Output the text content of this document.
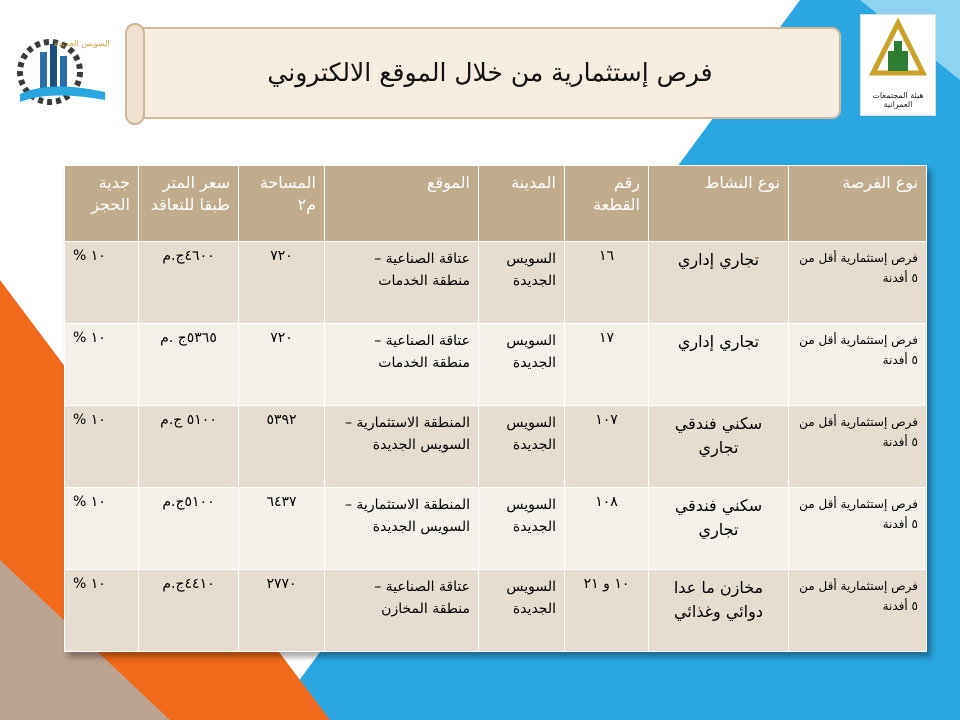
فرص إستثمارية من خلال الموقع الالكتروني
السويس الجديدة
هيئة المجتمعات العمرانية
نوع الفرصة	نوع النشاط	رقم القطعة	المدينة	الموقع	المساحة م٢	سعر المتر طبقا للتعاقد	جدية الحجز
فرص إستثمارية أقل من ٥ أفدنة	تجاري إداري	١٦	السويس الجديدة	عتاقة الصناعية – منطقة الخدمات	٧٢٠	٤٦٠٠ج.م	١٠ %
فرص إستثمارية أقل من ٥ أفدنة	تجاري إداري	١٧	السويس الجديدة	عتاقة الصناعية – منطقة الخدمات	٧٢٠	٥٣٦٥ج .م	١٠ %
فرص إستثمارية أقل من ٥ أفدنة	سكني فندقي تجاري	١٠٧	السويس الجديدة	المنطقة الاستثمارية – السويس الجديدة	٥٣٩٢	٥١٠٠ ج.م	١٠ %
فرص إستثمارية أقل من ٥ أفدنة	سكني فندقي تجاري	١٠٨	السويس الجديدة	المنطقة الاستثمارية – السويس الجديدة	٦٤٣٧	٥١٠٠ج.م	١٠ %
فرص إستثمارية أقل من ٥ أفدنة	مخازن ما عدا دوائي وغذائي	١٠ و ٢١	السويس الجديدة	عتاقة الصناعية – منطقة المخازن	٢٧٧٠	٤٤١٠ج.م	١٠ %
